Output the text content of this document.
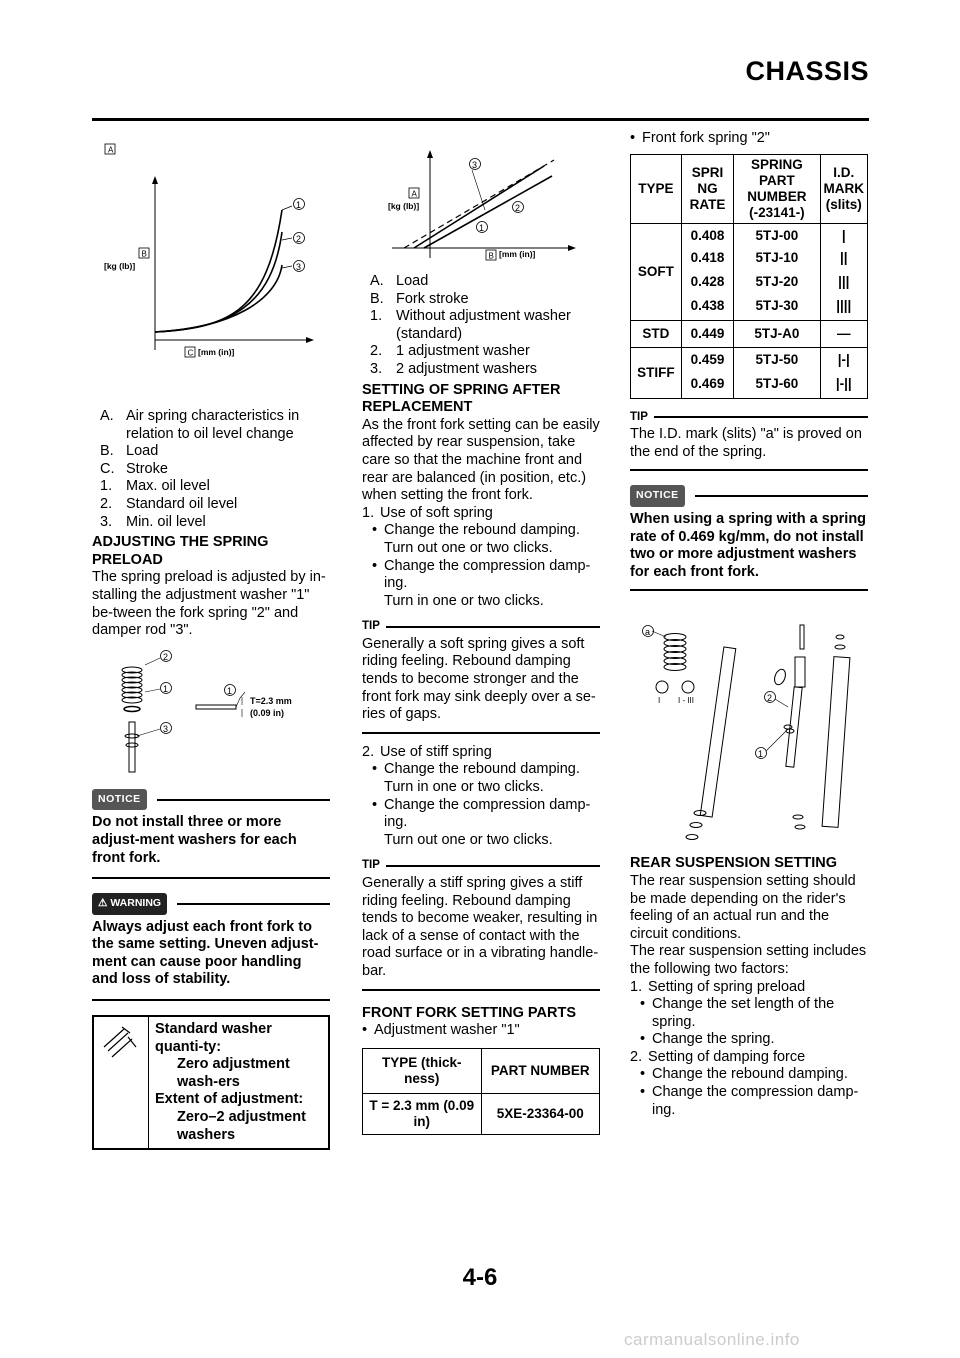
CHASSIS
A
1
2
3
B
[kg (lb)]
C [mm (in)]
A. Air spring characteristics in relation to oil level change
B. Load
C. Stroke
1. Max. oil level
2. Standard oil level
3. Min. oil level
ADJUSTING THE SPRING PRELOAD

The spring preload is adjusted by in-stalling the adjustment washer "1" be-tween the fork spring "2" and damper rod "3".

2
1
3
1
T=2.3 mm
(0.09 in)
NOTICE

Do not install three or more adjust-ment washers for each front fork.

⚠ WARNING

Always adjust each front fork to the same setting. Uneven adjust-ment can cause poor handling and loss of stability.

Standard washer quanti-ty:
Zero adjustment wash-ers
Extent of adjustment:
Zero–2 adjustment washers
3
2
1
A
[kg (lb)]
B [mm (in)]
A. Load
B. Fork stroke
1. Without adjustment washer (standard)
2. 1 adjustment washer
3. 2 adjustment washers
SETTING OF SPRING AFTER REPLACEMENT

As the front fork setting can be easily affected by rear suspension, take care so that the machine front and rear are balanced (in position, etc.) when setting the front fork.

1. Use of soft spring
• Change the rebound damping.
Turn out one or two clicks.
• Change the compression damp-ing.
Turn in one or two clicks.
TIP

Generally a soft spring gives a soft riding feeling. Rebound damping tends to become stronger and the front fork may sink deeply over a se-ries of gaps.

2. Use of stiff spring
• Change the rebound damping.
Turn in one or two clicks.
• Change the compression damp-ing.
Turn out one or two clicks.
TIP

Generally a stiff spring gives a stiff riding feeling. Rebound damping tends to become weaker, resulting in lack of a sense of contact with the road surface or in a vibrating handle-bar.

FRONT FORK SETTING PARTS
• Adjustment washer "1"
TYPE (thick-ness)	PART NUMBER
T = 2.3 mm (0.09 in)	5XE-23364-00
• Front fork spring "2"
TYPE	SPRI NG RATE	SPRING PART NUMBER (-23141-)	I.D. MARK (slits)
SOFT	0.408	5TJ-00	|
	0.418	5TJ-10	||
	0.428	5TJ-20	|||
	0.438	5TJ-30	||||
STD	0.449	5TJ-A0	—
STIFF	0.459	5TJ-50	|-|
	0.469	5TJ-60	|-||
TIP

The I.D. mark (slits) "a" is proved on the end of the spring.

NOTICE

When using a spring with a spring rate of 0.469 kg/mm, do not install two or more adjustment washers for each front fork.

a
I I - III	2
1
REAR SUSPENSION SETTING

The rear suspension setting should be made depending on the rider's feeling of an actual run and the circuit conditions.

The rear suspension setting includes the following two factors:

1. Setting of spring preload
• Change the set length of the spring.
• Change the spring.
2. Setting of damping force
• Change the rebound damping.
• Change the compression damp-ing.
4-6
carmanualsonline.info
